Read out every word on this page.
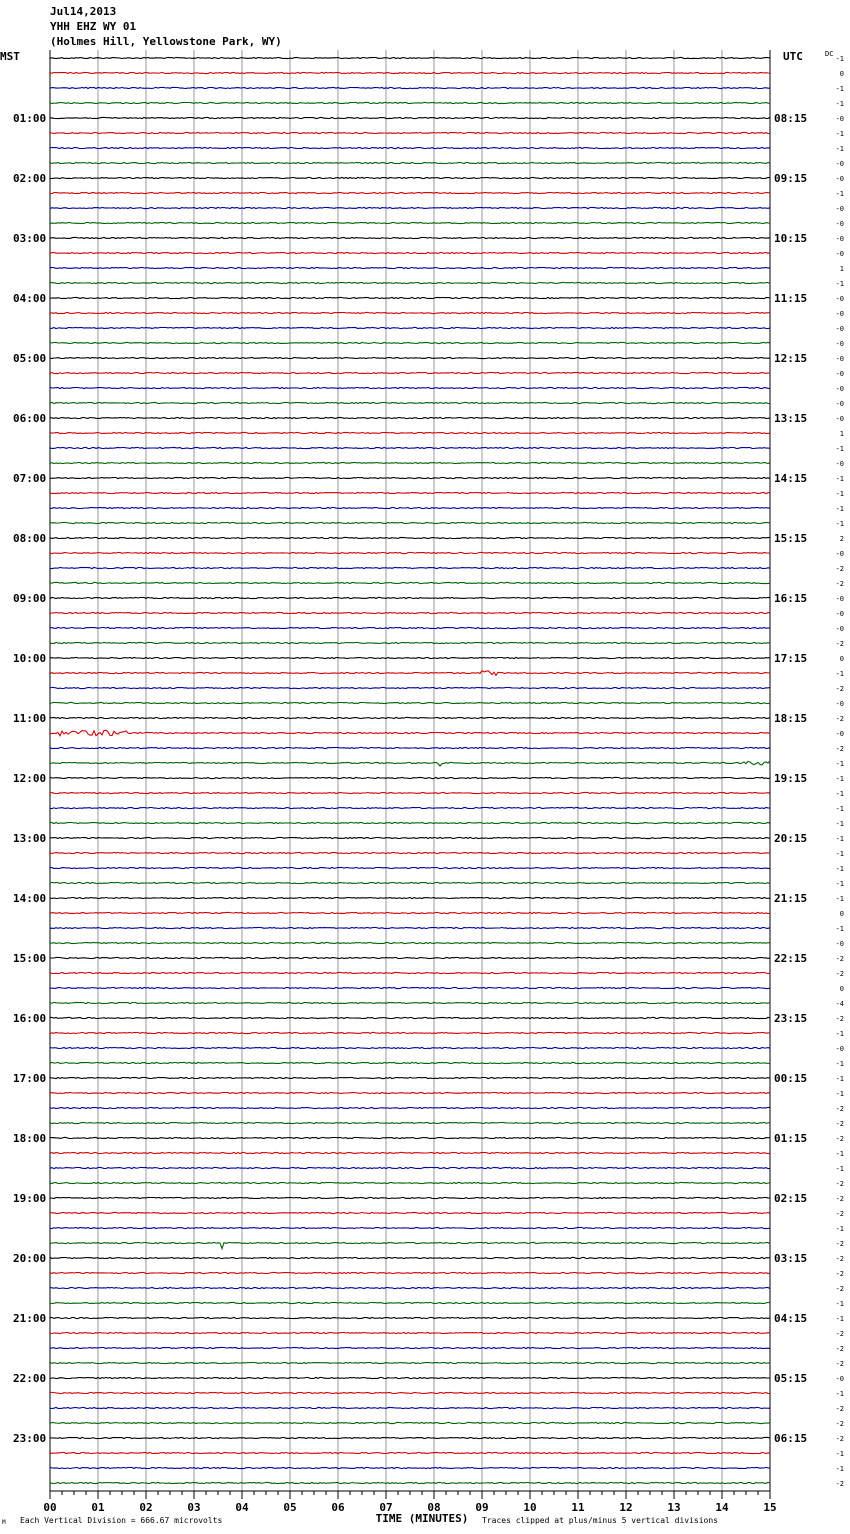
Jul14,2013
YHH EHZ WY 01
(Holmes Hill, Yellowstone Park, WY)
MST	UTC	DC
TIME (MINUTES)
Each Vertical Division = 666.67 microvolts	Traces clipped at plus/minus 5 vertical divisions
M
-1
0
-1
-1
-0
-1
-1
-0
-0
-1
-0
-0
-0
-0
1
-1
-0
-0
-0
-0
-0
-0
-0
-0
-0
1
-1
-0
-1
-1
-1
-1
2
-0
-2
-2
-0
-0
-0
-2
0
-1
-2
-0
-2
-0
-2
-1
-1
-1
-1
-1
-1
-1
-1
-1
-1
0
-1
-0
-2
-2
0
-4
-2
-1
-0
-1
-1
-1
-2
-2
-2
-1
-1
-2
-2
-2
-1
-2
-2
-2
-2
-1
-1
-2
-2
-2
-0
-1
-2
-2
-2
-1
-1
-2
01:00	08:15
02:00	09:15
03:00	10:15
04:00	11:15
05:00	12:15
06:00	13:15
07:00	14:15
08:00	15:15
09:00	16:15
10:00	17:15
11:00	18:15
12:00	19:15
13:00	20:15
14:00	21:15
15:00	22:15
16:00	23:15
17:00	00:15
18:00	01:15
19:00	02:15
20:00	03:15
21:00	04:15
22:00	05:15
23:00	06:15
00	01	02	03	04	05	06	07	08	09	10	11	12	13	14	15
